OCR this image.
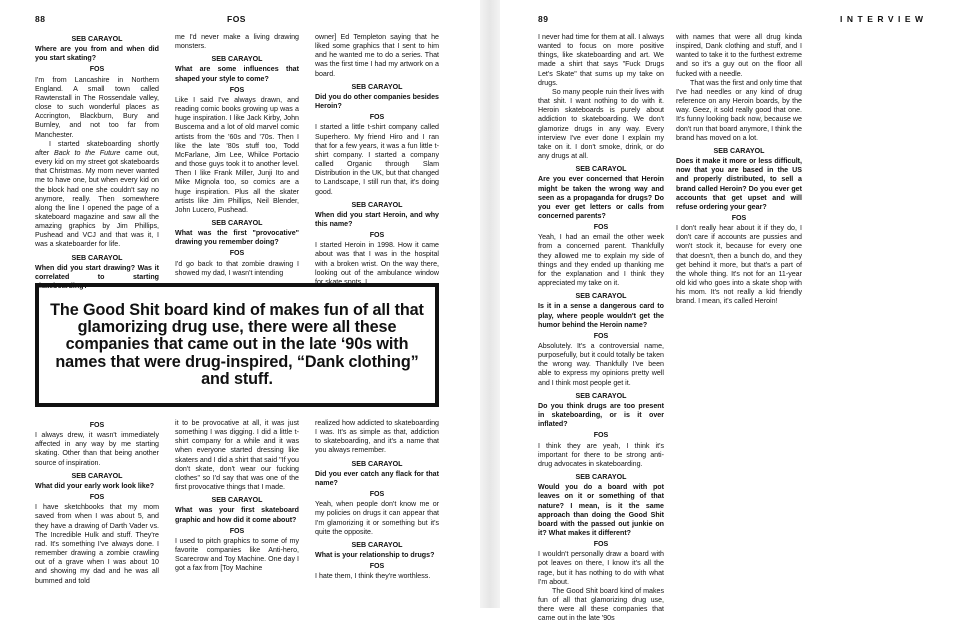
88	FOS

SEB CARAYOL

Where are you from and when did you start skating?

FOS

I'm from Lancashire in Northern England. A small town called Rawtenstall in The Rossendale valley, close to such wonderful places as Accrington, Blackburn, Bury and Burnley, and not too far from Manchester.

I started skateboarding shortly after Back to the Future came out, every kid on my street got skateboards that Christmas. My mom never wanted me to have one, but when every kid on the block had one she couldn't say no anymore, really. Then somewhere along the line I opened the page of a skateboard magazine and saw all the amazing graphics by Jim Phillips, Pushead and VCJ and that was it, I was a skateboarder for life.

SEB CARAYOL

When did you start drawing? Was it correlated to starting skateboarding?

me I'd never make a living drawing monsters.

SEB CARAYOL

What are some influences that shaped your style to come?

FOS

Like I said I've always drawn, and reading comic books growing up was a huge inspiration. I like Jack Kirby, John Buscema and a lot of old marvel comic artists from the '60s and '70s. Then I like the late '80s stuff too, Todd McFarlane, Jim Lee, Whilce Portacio and those guys took it to another level. Then I like Frank Miller, Junji Ito and Mike Mignola too, so comics are a huge inspiration. Plus all the skater artists like Jim Phillips, Neil Blender, John Lucero, Pushead.

SEB CARAYOL

What was the first "provocative" drawing you remember doing?

FOS

I'd go back to that zombie drawing I showed my dad, I wasn't intending

owner] Ed Templeton saying that he liked some graphics that I sent to him and he wanted me to do a series. That was the first time I had my artwork on a board.

SEB CARAYOL

Did you do other companies besides Heroin?

FOS

I started a little t-shirt company called Superhero. My friend Hiro and I ran that for a few years, it was a fun little t-shirt company. I started a company called Organic through Slam Distribution in the UK, but that changed to Landscape, I still run that, it's doing good.

SEB CARAYOL

When did you start Heroin, and why this name?

FOS

I started Heroin in 1998. How it came about was that I was in the hospital with a broken wrist. On the way there, looking out of the ambulance window for skate spots, I

The Good Shit board kind of makes fun of all that glamorizing drug use, there were all these companies that came out in the late ‘90s with names that were drug-inspired, “Dank clothing” and stuff.

FOS

I always drew, it wasn't immediately affected in any way by me starting skating. Other than that being another source of inspiration.

SEB CARAYOL

What did your early work look like?

FOS

I have sketchbooks that my mom saved from when I was about 5, and they have a drawing of Darth Vader vs. The Incredible Hulk and stuff. They're rad. It's something I've always done. I remember drawing a zombie crawling out of a grave when I was about 10 and showing my dad and he was all bummed and told

it to be provocative at all, it was just something I was digging. I did a little t-shirt company for a while and it was when everyone started dressing like skaters and I did a shirt that said "If you don't skate, don't wear our fucking clothes" so I'd say that was one of the first provocative things that I made.

SEB CARAYOL

What was your first skateboard graphic and how did it come about?

FOS

I used to pitch graphics to some of my favorite companies like Anti-hero, Scarecrow and Toy Machine. One day I got a fax from [Toy Machine

realized how addicted to skateboarding I was. It's as simple as that, addiction to skateboarding, and it's a name that you always remember.

SEB CARAYOL

Did you ever catch any flack for that name?

FOS

Yeah, when people don't know me or my policies on drugs it can appear that I'm glamorizing it or something but it's quite the opposite.

SEB CARAYOL

What is your relationship to drugs?

FOS

I hate them, I think they're worthless.

89	INTERVIEW

I never had time for them at all. I always wanted to focus on more positive things, like skateboarding and art. We made a shirt that says "Fuck Drugs Let's Skate" that sums up my take on drugs.

So many people ruin their lives with that shit. I want nothing to do with it. Heroin skateboards is purely about addiction to skateboarding. We don't glamorize drugs in any way. Every interview I've ever done I explain my take on it. I don't smoke, drink, or do any drugs at all.

SEB CARAYOL

Are you ever concerned that Heroin might be taken the wrong way and seen as a propaganda for drugs? Do you ever get letters or calls from concerned parents?

FOS

Yeah, I had an email the other week from a concerned parent. Thankfully they allowed me to explain my side of things and they ended up thanking me for the explanation and I think they appreciated my take on it.

SEB CARAYOL

Is it in a sense a dangerous card to play, where people wouldn't get the humor behind the Heroin name?

FOS

Absolutely. It's a controversial name, purposefully, but it could totally be taken the wrong way. Thankfully I've been able to express my opinions pretty well and I think most people get it.

SEB CARAYOL

Do you think drugs are too present in skateboarding, or is it over inflated?

FOS

I think they are yeah, I think it's important for there to be strong anti-drug advocates in skateboarding.

SEB CARAYOL

Would you do a board with pot leaves on it or something of that nature? I mean, is it the same approach than doing the Good Shit board with the passed out junkie on it? What makes it different?

FOS

I wouldn't personally draw a board with pot leaves on there, I know it's all the rage, but it has nothing to do with what I'm about.

The Good Shit board kind of makes fun of all that glamorizing drug use, there were all these companies that came out in the late '90s

with names that were all drug kinda inspired, Dank clothing and stuff, and I wanted to take it to the furthest extreme and so it's a guy out on the floor all fucked with a needle.

That was the first and only time that I've had needles or any kind of drug reference on any Heroin boards, by the way. Geez, it sold really good that one. It's funny looking back now, because we don't run that board anymore, I think the brand has moved on a lot.

SEB CARAYOL

Does it make it more or less difficult, now that you are based in the US and properly distributed, to sell a brand called Heroin? Do you ever get accounts that get upset and will refuse ordering your gear?

FOS

I don't really hear about it if they do, I don't care if accounts are pussies and won't stock it, because for every one that doesn't, then a bunch do, and they get behind it more, but that's a part of the whole thing. It's not for an 11-year old kid who goes into a skate shop with his mom. It's not really a kid friendly brand. I mean, it's called Heroin!
